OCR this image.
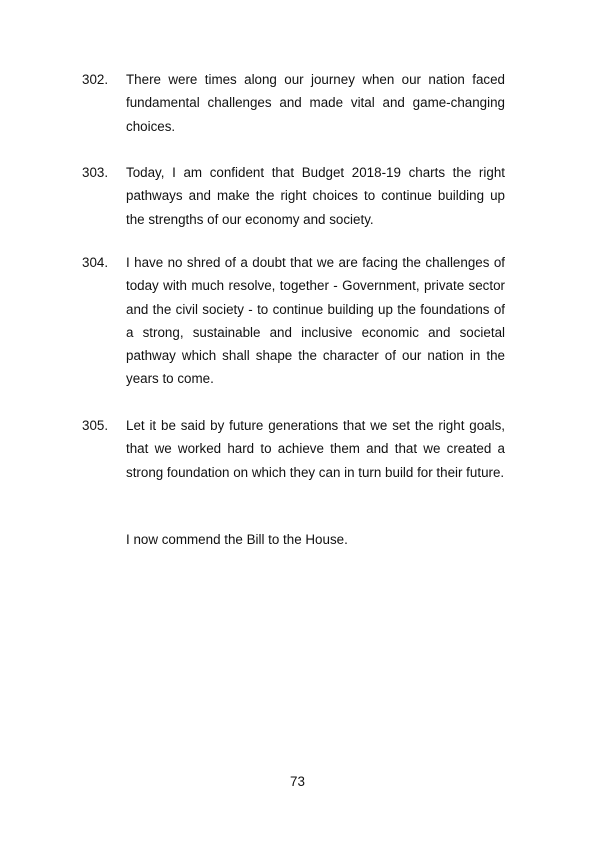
302.	There were times along our journey when our nation faced fundamental challenges and made vital and game-changing choices.
303.	Today, I am confident that Budget 2018-19 charts the right pathways and make the right choices to continue building up the strengths of our economy and society.
304.	I have no shred of a doubt that we are facing the challenges of today with much resolve, together - Government, private sector and the civil society - to continue building up the foundations of a strong, sustainable and inclusive economic and societal pathway which shall shape the character of our nation in the years to come.
305.	Let it be said by future generations that we set the right goals, that we worked hard to achieve them and that we created a strong foundation on which they can in turn build for their future.
I now commend the Bill to the House.
73
